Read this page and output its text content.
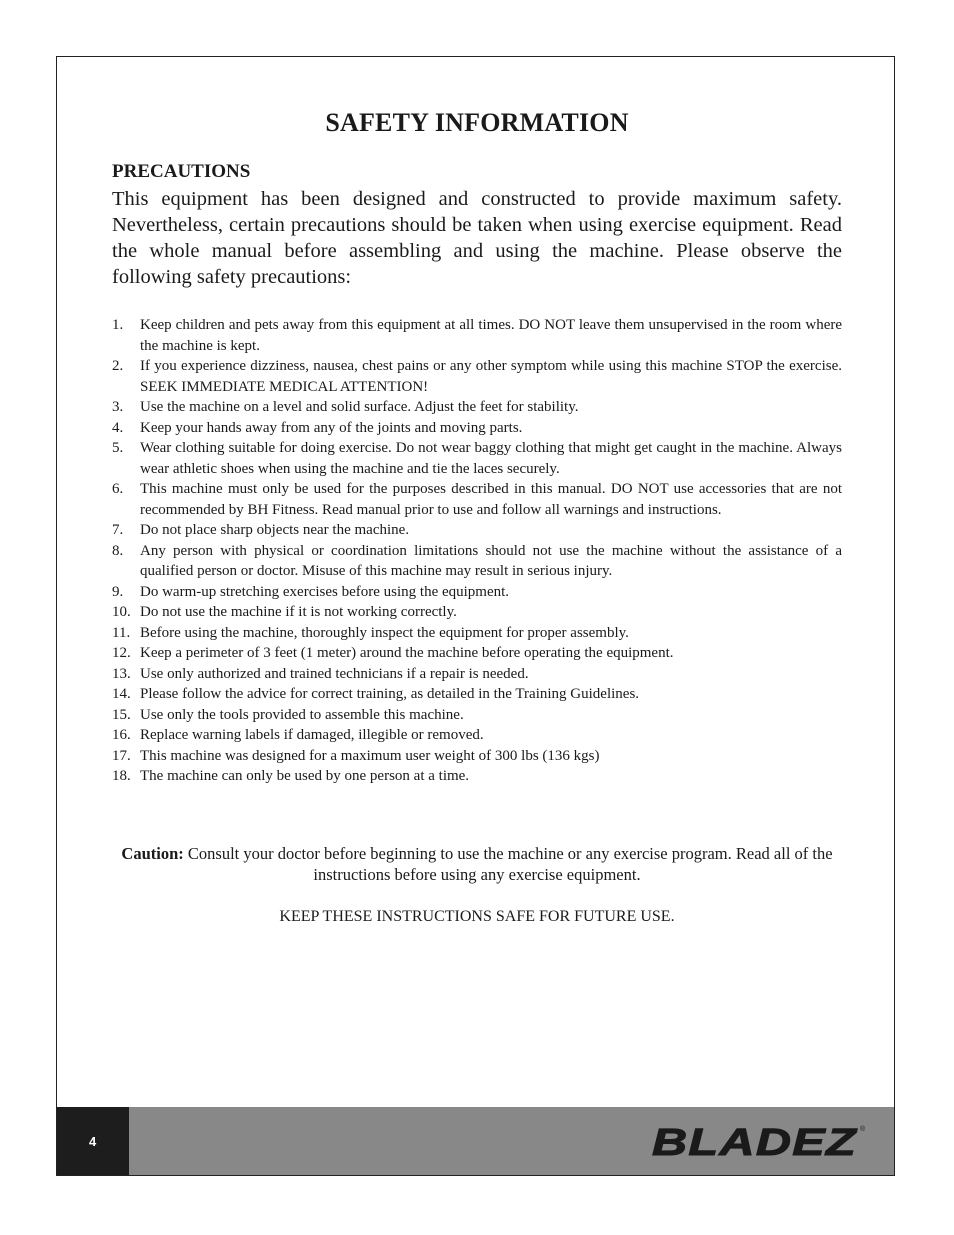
SAFETY INFORMATION
PRECAUTIONS

This equipment has been designed and constructed to provide maximum safety. Nevertheless, certain precautions should be taken when using exercise equipment. Read the whole manual before assembling and using the machine. Please observe the following safety precautions:

1.	Keep children and pets away from this equipment at all times. DO NOT leave them unsupervised in the room where the machine is kept.
2.	If you experience dizziness, nausea, chest pains or any other symptom while using this machine STOP the exercise. SEEK IMMEDIATE MEDICAL ATTENTION!
3.	Use the machine on a level and solid surface. Adjust the feet for stability.
4.	Keep your hands away from any of the joints and moving parts.
5.	Wear clothing suitable for doing exercise. Do not wear baggy clothing that might get caught in the machine. Always wear athletic shoes when using the machine and tie the laces securely.
6.	This machine must only be used for the purposes described in this manual. DO NOT use accessories that are not recommended by BH Fitness. Read manual prior to use and follow all warnings and instructions.
7.	Do not place sharp objects near the machine.
8.	Any person with physical or coordination limitations should not use the machine without the assistance of a qualified person or doctor. Misuse of this machine may result in serious injury.
9.	Do warm-up stretching exercises before using the equipment.
10. Do not use the machine if it is not working correctly.
11. Before using the machine, thoroughly inspect the equipment for proper assembly.
12. Keep a perimeter of 3 feet (1 meter) around the machine before operating the equipment.
13. Use only authorized and trained technicians if a repair is needed.
14. Please follow the advice for correct training, as detailed in the Training Guidelines.
15. Use only the tools provided to assemble this machine.
16. Replace warning labels if damaged, illegible or removed.
17. This machine was designed for a maximum user weight of 300 lbs (136 kgs)
18. The machine can only be used by one person at a time.

Caution: Consult your doctor before beginning to use the machine or any exercise program. Read all of the instructions before using any exercise equipment.

KEEP THESE INSTRUCTIONS SAFE FOR FUTURE USE.

4	BLADEZ ®
